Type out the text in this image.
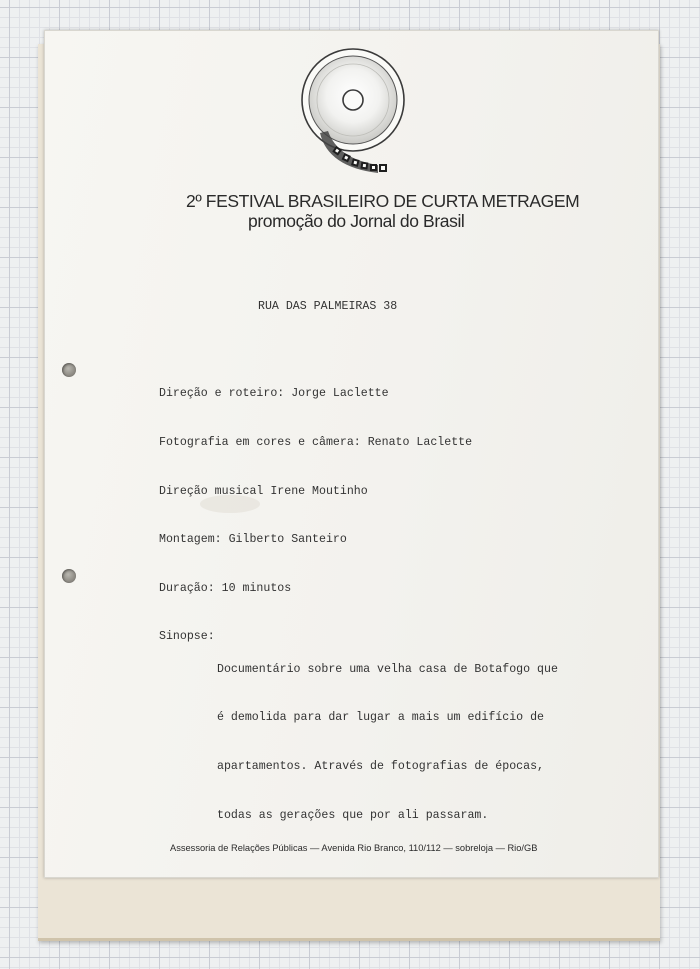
2º FESTIVAL BRASILEIRO DE CURTA METRAGEM
promoção do Jornal do Brasil
RUA DAS PALMEIRAS 38

Direção e roteiro: Jorge Laclette

Fotografia em cores e câmera: Renato Laclette

Direção musical Irene Moutinho

Montagem: Gilberto Santeiro

Duração: 10 minutos

Sinopse:

Documentário sobre uma velha casa de Botafogo que

é demolida para dar lugar a mais um edifício de

apartamentos. Através de fotografias de épocas,

todas as gerações que por ali passaram.

Assessoria de Relações Públicas — Avenida Rio Branco, 110/112 — sobreloja — Rio/GB
